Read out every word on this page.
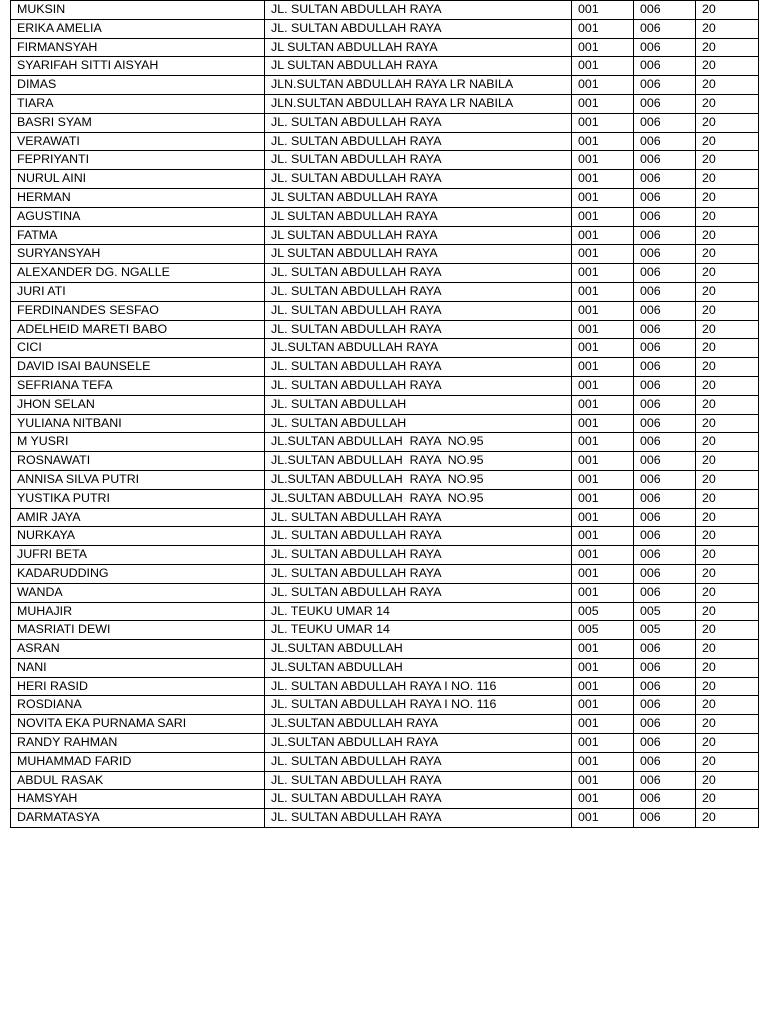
MUKSIN	JL. SULTAN ABDULLAH RAYA	001	006	20
ERIKA AMELIA	JL. SULTAN ABDULLAH RAYA	001	006	20
FIRMANSYAH	JL SULTAN ABDULLAH RAYA	001	006	20
SYARIFAH SITTI AISYAH	JL SULTAN ABDULLAH RAYA	001	006	20
DIMAS	JLN.SULTAN ABDULLAH RAYA LR NABILA	001	006	20
TIARA	JLN.SULTAN ABDULLAH RAYA LR NABILA	001	006	20
BASRI SYAM	JL. SULTAN ABDULLAH RAYA	001	006	20
VERAWATI	JL. SULTAN ABDULLAH RAYA	001	006	20
FEPRIYANTI	JL. SULTAN ABDULLAH RAYA	001	006	20
NURUL AINI	JL. SULTAN ABDULLAH RAYA	001	006	20
HERMAN	JL SULTAN ABDULLAH RAYA	001	006	20
AGUSTINA	JL SULTAN ABDULLAH RAYA	001	006	20
FATMA	JL SULTAN ABDULLAH RAYA	001	006	20
SURYANSYAH	JL SULTAN ABDULLAH RAYA	001	006	20
ALEXANDER DG. NGALLE	JL. SULTAN ABDULLAH RAYA	001	006	20
JURI ATI	JL. SULTAN ABDULLAH RAYA	001	006	20
FERDINANDES SESFAO	JL. SULTAN ABDULLAH RAYA	001	006	20
ADELHEID MARETI BABO	JL. SULTAN ABDULLAH RAYA	001	006	20
CICI	JL.SULTAN ABDULLAH RAYA	001	006	20
DAVID ISAI BAUNSELE	JL. SULTAN ABDULLAH RAYA	001	006	20
SEFRIANA TEFA	JL. SULTAN ABDULLAH RAYA	001	006	20
JHON SELAN	JL. SULTAN ABDULLAH	001	006	20
YULIANA NITBANI	JL. SULTAN ABDULLAH	001	006	20
M YUSRI	JL.SULTAN ABDULLAH  RAYA  NO.95	001	006	20
ROSNAWATI	JL.SULTAN ABDULLAH  RAYA  NO.95	001	006	20
ANNISA SILVA PUTRI	JL.SULTAN ABDULLAH  RAYA  NO.95	001	006	20
YUSTIKA PUTRI	JL.SULTAN ABDULLAH  RAYA  NO.95	001	006	20
AMIR JAYA	JL. SULTAN ABDULLAH RAYA	001	006	20
NURKAYA	JL. SULTAN ABDULLAH RAYA	001	006	20
JUFRI BETA	JL. SULTAN ABDULLAH RAYA	001	006	20
KADARUDDING	JL. SULTAN ABDULLAH RAYA	001	006	20
WANDA	JL. SULTAN ABDULLAH RAYA	001	006	20
MUHAJIR	JL. TEUKU UMAR 14	005	005	20
MASRIATI DEWI	JL. TEUKU UMAR 14	005	005	20
ASRAN	JL.SULTAN ABDULLAH	001	006	20
NANI	JL.SULTAN ABDULLAH	001	006	20
HERI RASID	JL. SULTAN ABDULLAH RAYA I NO. 116	001	006	20
ROSDIANA	JL. SULTAN ABDULLAH RAYA I NO. 116	001	006	20
NOVITA EKA PURNAMA SARI	JL.SULTAN ABDULLAH RAYA	001	006	20
RANDY RAHMAN	JL.SULTAN ABDULLAH RAYA	001	006	20
MUHAMMAD FARID	JL. SULTAN ABDULLAH RAYA	001	006	20
ABDUL RASAK	JL. SULTAN ABDULLAH RAYA	001	006	20
HAMSYAH	JL. SULTAN ABDULLAH RAYA	001	006	20
DARMATASYA	JL. SULTAN ABDULLAH RAYA	001	006	20
